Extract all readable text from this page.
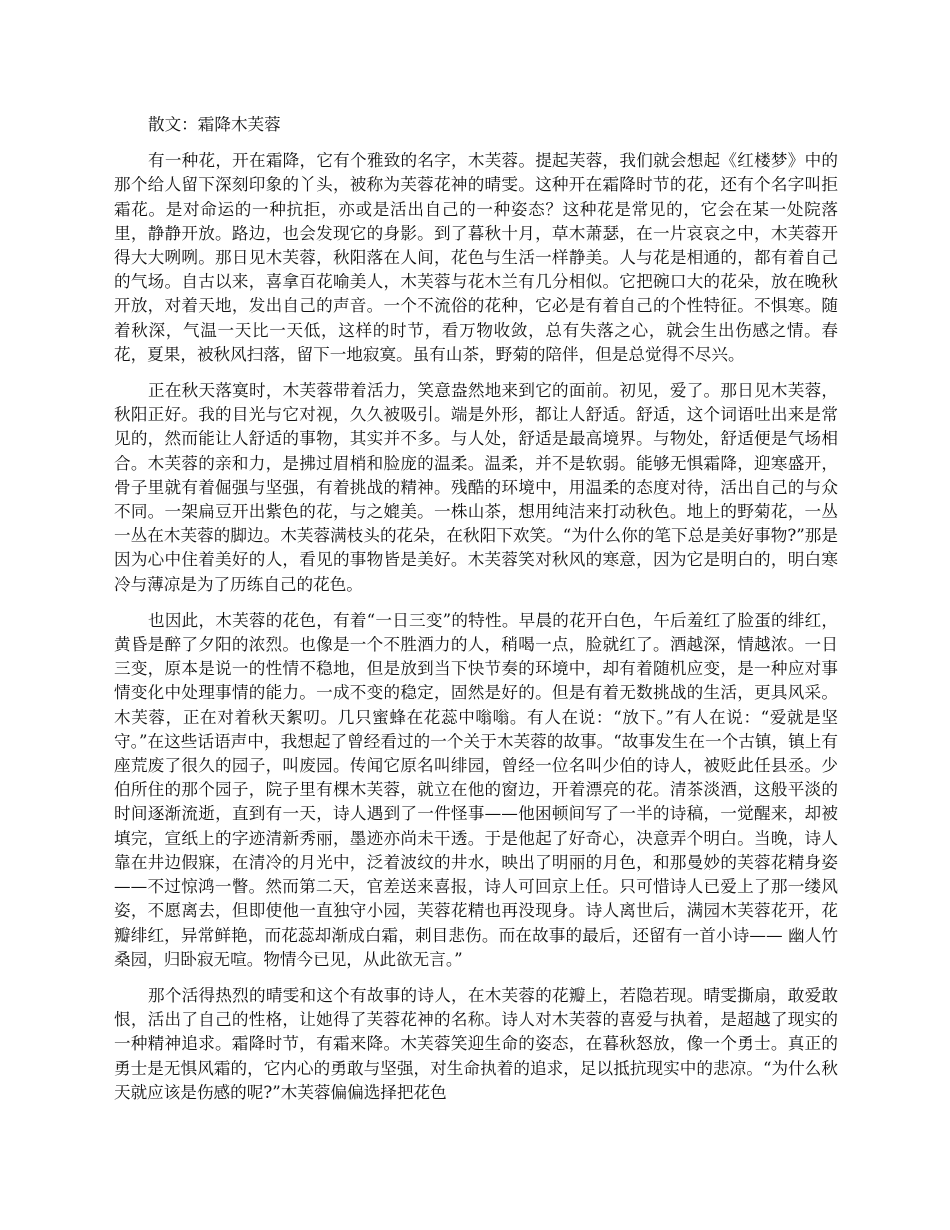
散文：霜降木芙蓉

有一种花，开在霜降，它有个雅致的名字，木芙蓉。提起芙蓉，我们就会想起《红楼梦》中的那个给人留下深刻印象的丫头，被称为芙蓉花神的晴雯。这种开在霜降时节的花，还有个名字叫拒霜花。是对命运的一种抗拒，亦或是活出自己的一种姿态？这种花是常见的，它会在某一处院落里，静静开放。路边，也会发现它的身影。到了暮秋十月，草木萧瑟，在一片哀哀之中，木芙蓉开得大大咧咧。那日见木芙蓉，秋阳落在人间，花色与生活一样静美。人与花是相通的，都有着自己的气场。自古以来，喜拿百花喻美人，木芙蓉与花木兰有几分相似。它把碗口大的花朵，放在晚秋开放，对着天地，发出自己的声音。一个不流俗的花种，它必是有着自己的个性特征。不惧寒。随着秋深，气温一天比一天低，这样的时节，看万物收敛，总有失落之心，就会生出伤感之情。春花，夏果，被秋风扫落，留下一地寂寞。虽有山茶，野菊的陪伴，但是总觉得不尽兴。

正在秋天落寞时，木芙蓉带着活力，笑意盎然地来到它的面前。初见，爱了。那日见木芙蓉，秋阳正好。我的目光与它对视，久久被吸引。端是外形，都让人舒适。舒适，这个词语吐出来是常见的，然而能让人舒适的事物，其实并不多。与人处，舒适是最高境界。与物处，舒适便是气场相合。木芙蓉的亲和力，是拂过眉梢和脸庞的温柔。温柔，并不是软弱。能够无惧霜降，迎寒盛开，骨子里就有着倔强与坚强，有着挑战的精神。残酷的环境中，用温柔的态度对待，活出自己的与众不同。一架扁豆开出紫色的花，与之媲美。一株山茶，想用纯洁来打动秋色。地上的野菊花，一丛一丛在木芙蓉的脚边。木芙蓉满枝头的花朵，在秋阳下欢笑。“为什么你的笔下总是美好事物?”那是因为心中住着美好的人，看见的事物皆是美好。木芙蓉笑对秋风的寒意，因为它是明白的，明白寒冷与薄凉是为了历练自己的花色。

也因此，木芙蓉的花色，有着“一日三变”的特性。早晨的花开白色，午后羞红了脸蛋的绯红，黄昏是醉了夕阳的浓烈。也像是一个不胜酒力的人，稍喝一点，脸就红了。酒越深，情越浓。一日三变，原本是说一的性情不稳地，但是放到当下快节奏的环境中，却有着随机应变，是一种应对事情变化中处理事情的能力。一成不变的稳定，固然是好的。但是有着无数挑战的生活，更具风采。木芙蓉，正在对着秋天絮叨。几只蜜蜂在花蕊中嗡嗡。有人在说：“放下。”有人在说：“爱就是坚守。”在这些话语声中，我想起了曾经看过的一个关于木芙蓉的故事。“故事发生在一个古镇，镇上有座荒废了很久的园子，叫废园。传闻它原名叫绯园，曾经一位名叫少伯的诗人，被贬此任县丞。少伯所住的那个园子，院子里有棵木芙蓉，就立在他的窗边，开着漂亮的花。清茶淡酒，这般平淡的时间逐渐流逝，直到有一天，诗人遇到了一件怪事——他困顿间写了一半的诗稿，一觉醒来，却被填完，宣纸上的字迹清新秀丽，墨迹亦尚未干透。于是他起了好奇心，决意弄个明白。当晚，诗人靠在井边假寐，在清冷的月光中，泛着波纹的井水，映出了明丽的月色，和那曼妙的芙蓉花精身姿——不过惊鸿一瞥。然而第二天，官差送来喜报，诗人可回京上任。只可惜诗人已爱上了那一缕风姿，不愿离去，但即使他一直独守小园，芙蓉花精也再没现身。诗人离世后，满园木芙蓉花开，花瓣绯红，异常鲜艳，而花蕊却渐成白霜，刺目悲伤。而在故事的最后，还留有一首小诗—— 幽人竹桑园，归卧寂无喧。物情今已见，从此欲无言。”

那个活得热烈的晴雯和这个有故事的诗人，在木芙蓉的花瓣上，若隐若现。晴雯撕扇，敢爱敢恨，活出了自己的性格，让她得了芙蓉花神的名称。诗人对木芙蓉的喜爱与执着，是超越了现实的一种精神追求。霜降时节，有霜来降。木芙蓉笑迎生命的姿态，在暮秋怒放，像一个勇士。真正的勇士是无惧风霜的，它内心的勇敢与坚强，对生命执着的追求，足以抵抗现实中的悲凉。“为什么秋天就应该是伤感的呢?”木芙蓉偏偏选择把花色
